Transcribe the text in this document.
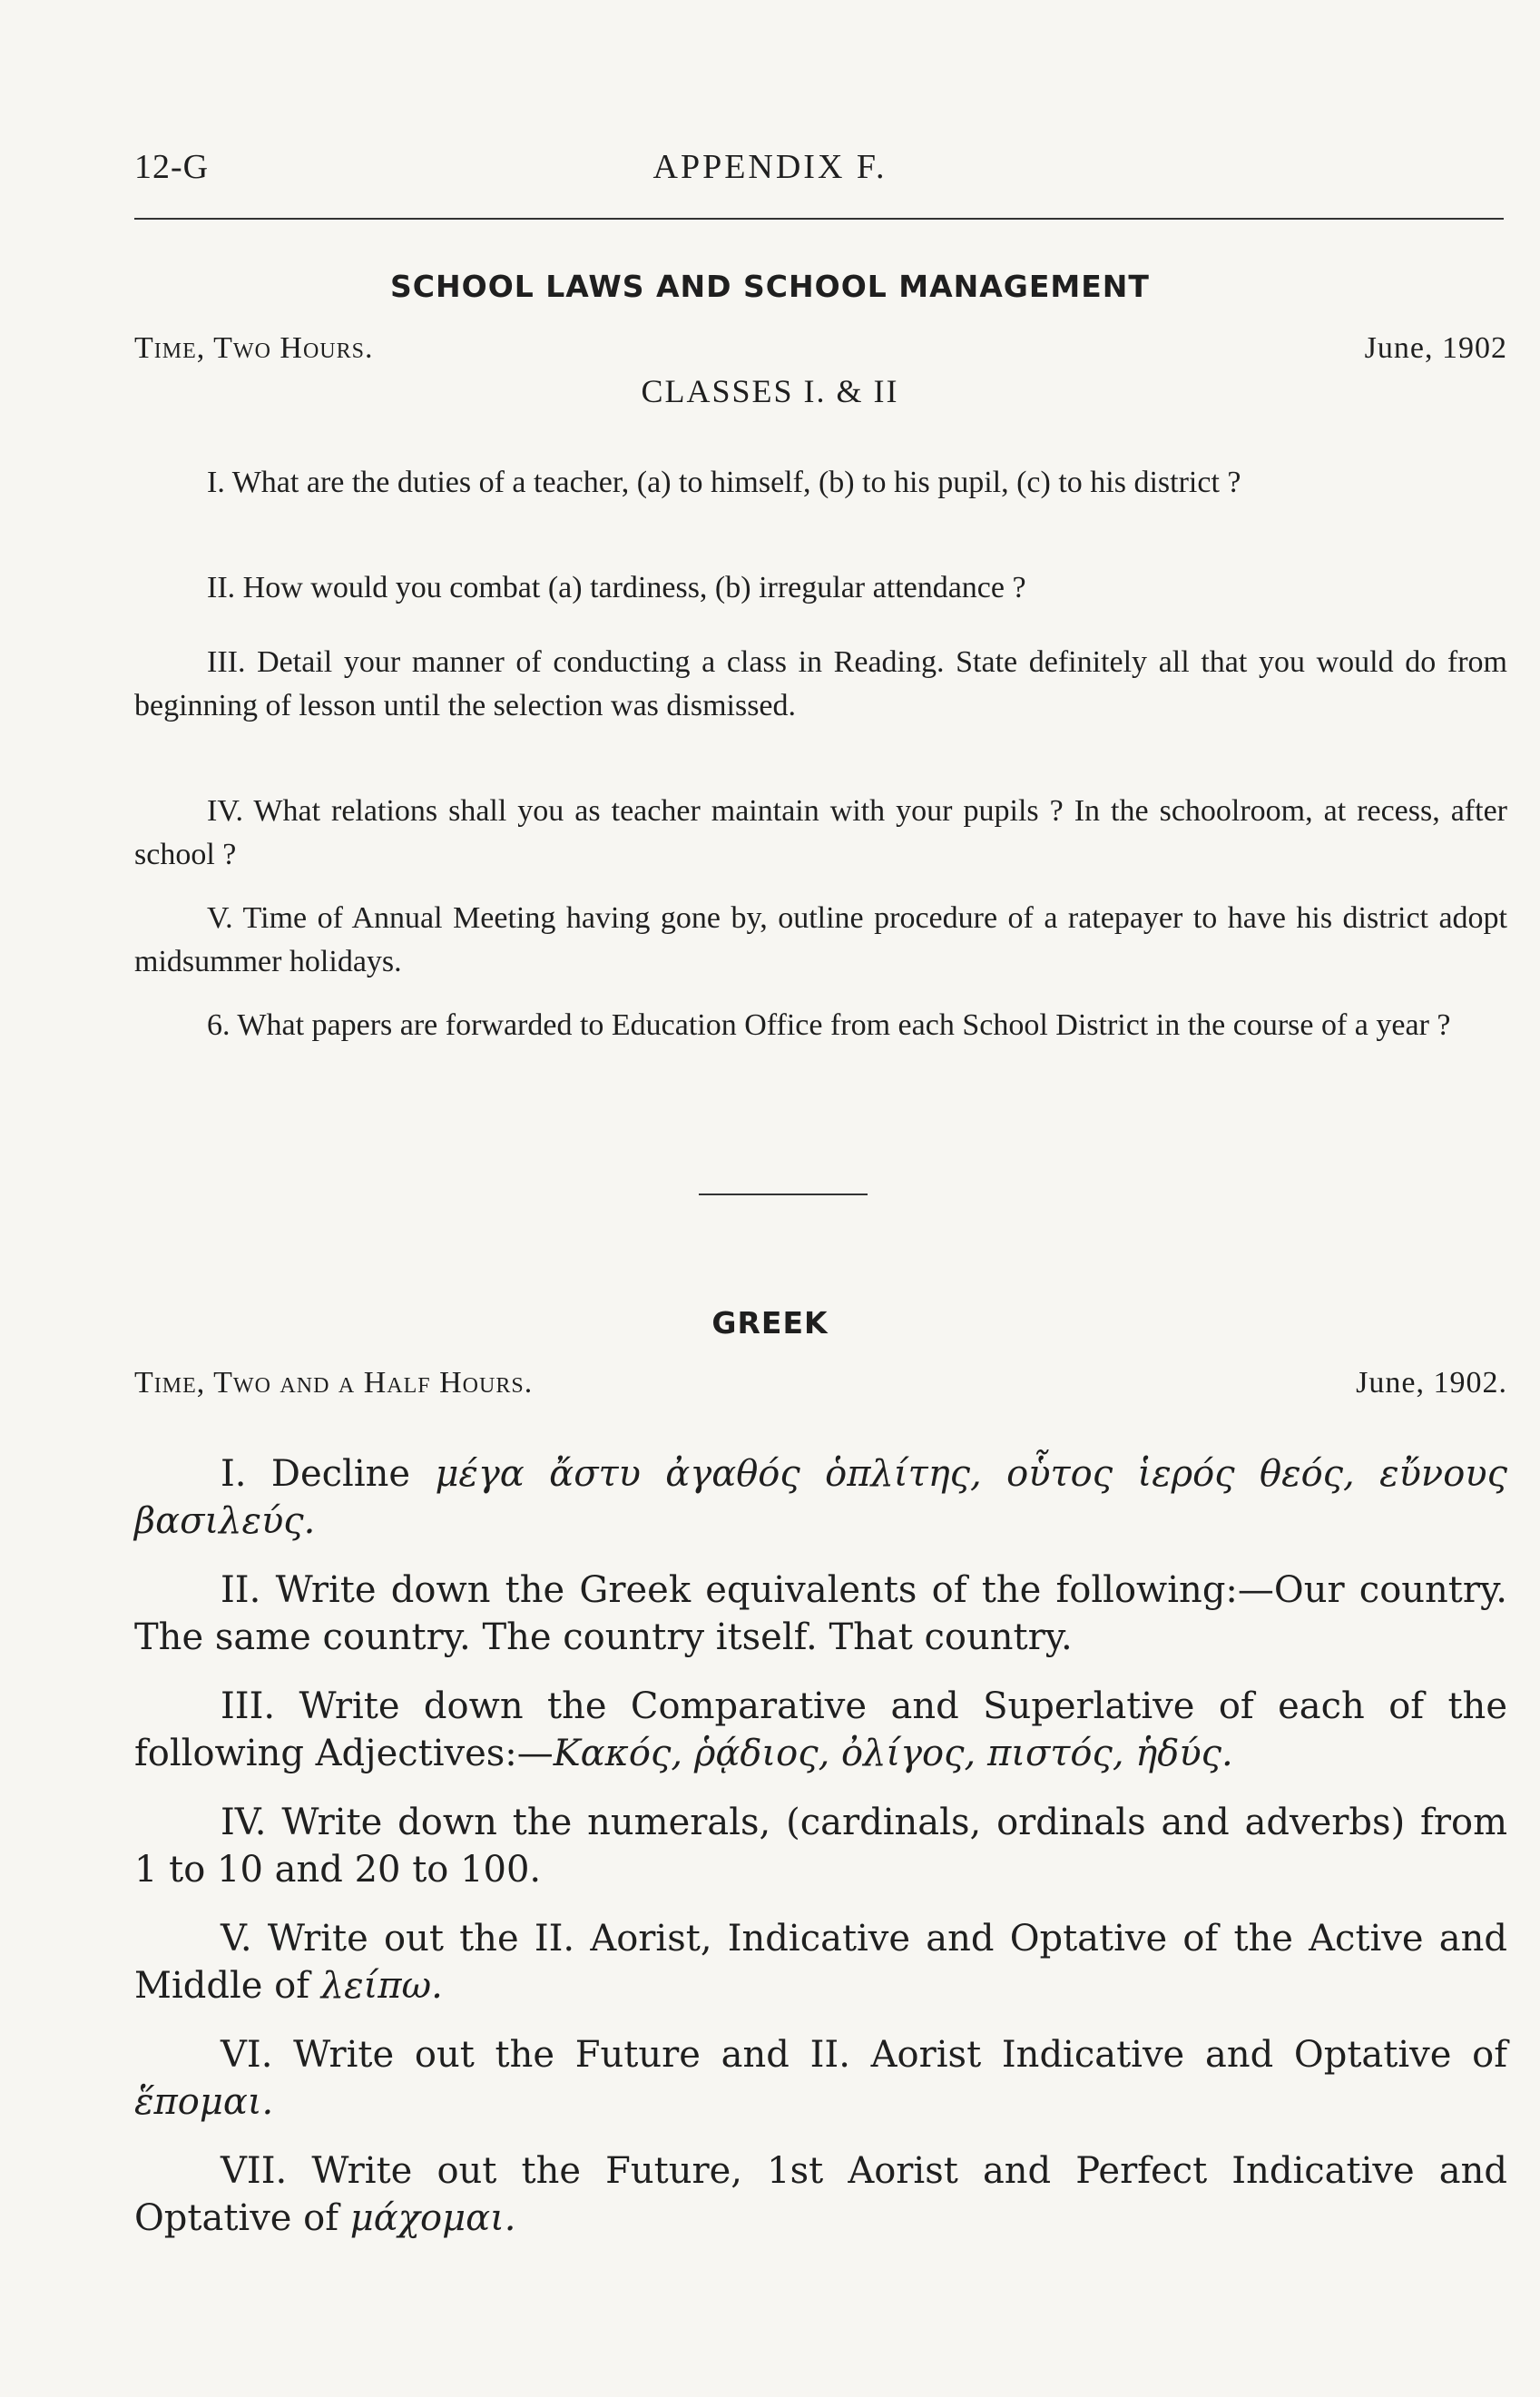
12-G	APPENDIX F.
SCHOOL LAWS AND SCHOOL MANAGEMENT
Time, Two Hours.	June, 1902
CLASSES I. & II

I. What are the duties of a teacher, (a) to himself, (b) to his pupil, (c) to his district ?

II. How would you combat (a) tardiness, (b) irregular attendance ?

III. Detail your manner of conducting a class in Reading. State definitely all that you would do from beginning of lesson until the selection was dismissed.

IV. What relations shall you as teacher maintain with your pupils ? In the schoolroom, at recess, after school ?

V. Time of Annual Meeting having gone by, outline procedure of a ratepayer to have his district adopt midsummer holidays.

6. What papers are forwarded to Education Office from each School District in the course of a year ?

GREEK
Time, Two and a Half Hours.	June, 1902.

I. Decline μέγα ἄστυ ἀγαθός ὁπλίτης, οὗτος ἱερός θεός, εὔνους βασιλεύς.

II. Write down the Greek equivalents of the following:—Our country. The same country. The country itself. That country.

III. Write down the Comparative and Superlative of each of the following Adjectives:—Κακός, ῥᾴδιος, ὀλίγος, πιστός, ἡδύς.

IV. Write down the numerals, (cardinals, ordinals and adverbs) from 1 to 10 and 20 to 100.

V. Write out the II. Aorist, Indicative and Optative of the Active and Middle of λείπω.

VI. Write out the Future and II. Aorist Indicative and Optative of ἕπομαι.

VII. Write out the Future, 1st Aorist and Perfect Indicative and Optative of μάχομαι.
